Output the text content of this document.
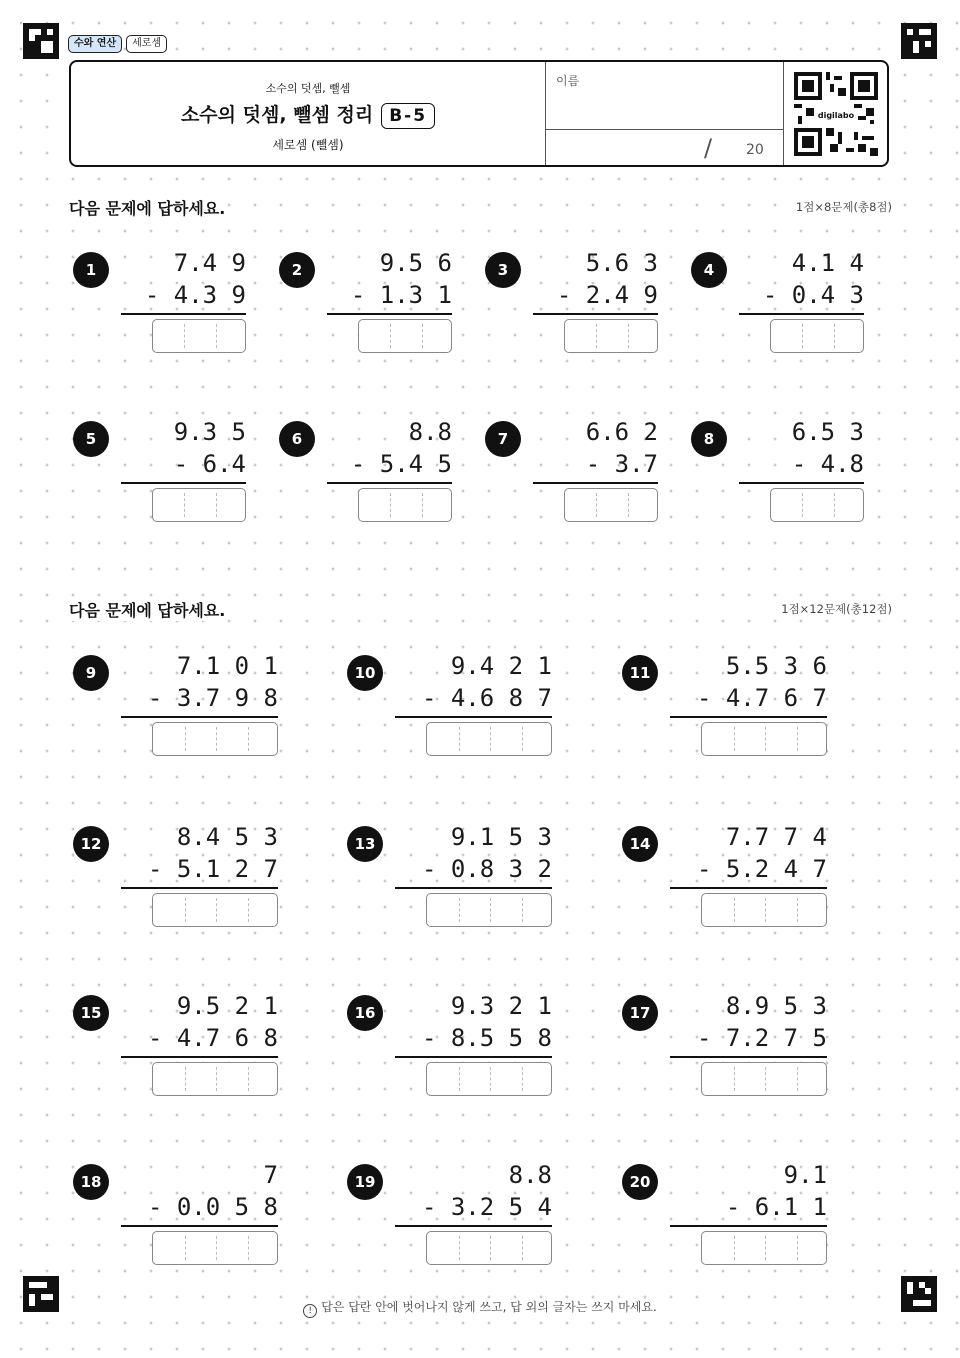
수와 연산	세로셈
소수의 덧셈, 뺄셈
소수의 덧셈, 뺄셈 정리 B-5
세로셈 (뺄셈)
이름
/ 20
digilabo
다음 문제에 답하세요.	1점×8문제(총8점)
다음 문제에 답하세요.	1점×12문제(총12점)
1	7.4 9
- 4.3 9
2	9.5 6
- 1.3 1
3	5.6 3
- 2.4 9
4	4.1 4
- 0.4 3
5	9.3 5
- 6.4
6	8.8
- 5.4 5
7	6.6 2
- 3.7
8	6.5 3
- 4.8
9	7.1 0 1
- 3.7 9 8
10	9.4 2 1
- 4.6 8 7
11	5.5 3 6
- 4.7 6 7
12	8.4 5 3
- 5.1 2 7
13	9.1 5 3
- 0.8 3 2
14	7.7 7 4
- 5.2 4 7
15	9.5 2 1
- 4.7 6 8
16	9.3 2 1
- 8.5 5 8
17	8.9 5 3
- 7.2 7 5
18	7
- 0.0 5 8
19	8.8
- 3.2 5 4
20	9.1
- 6.1 1
! 답은 답란 안에 벗어나지 않게 쓰고, 답 외의 글자는 쓰지 마세요.
